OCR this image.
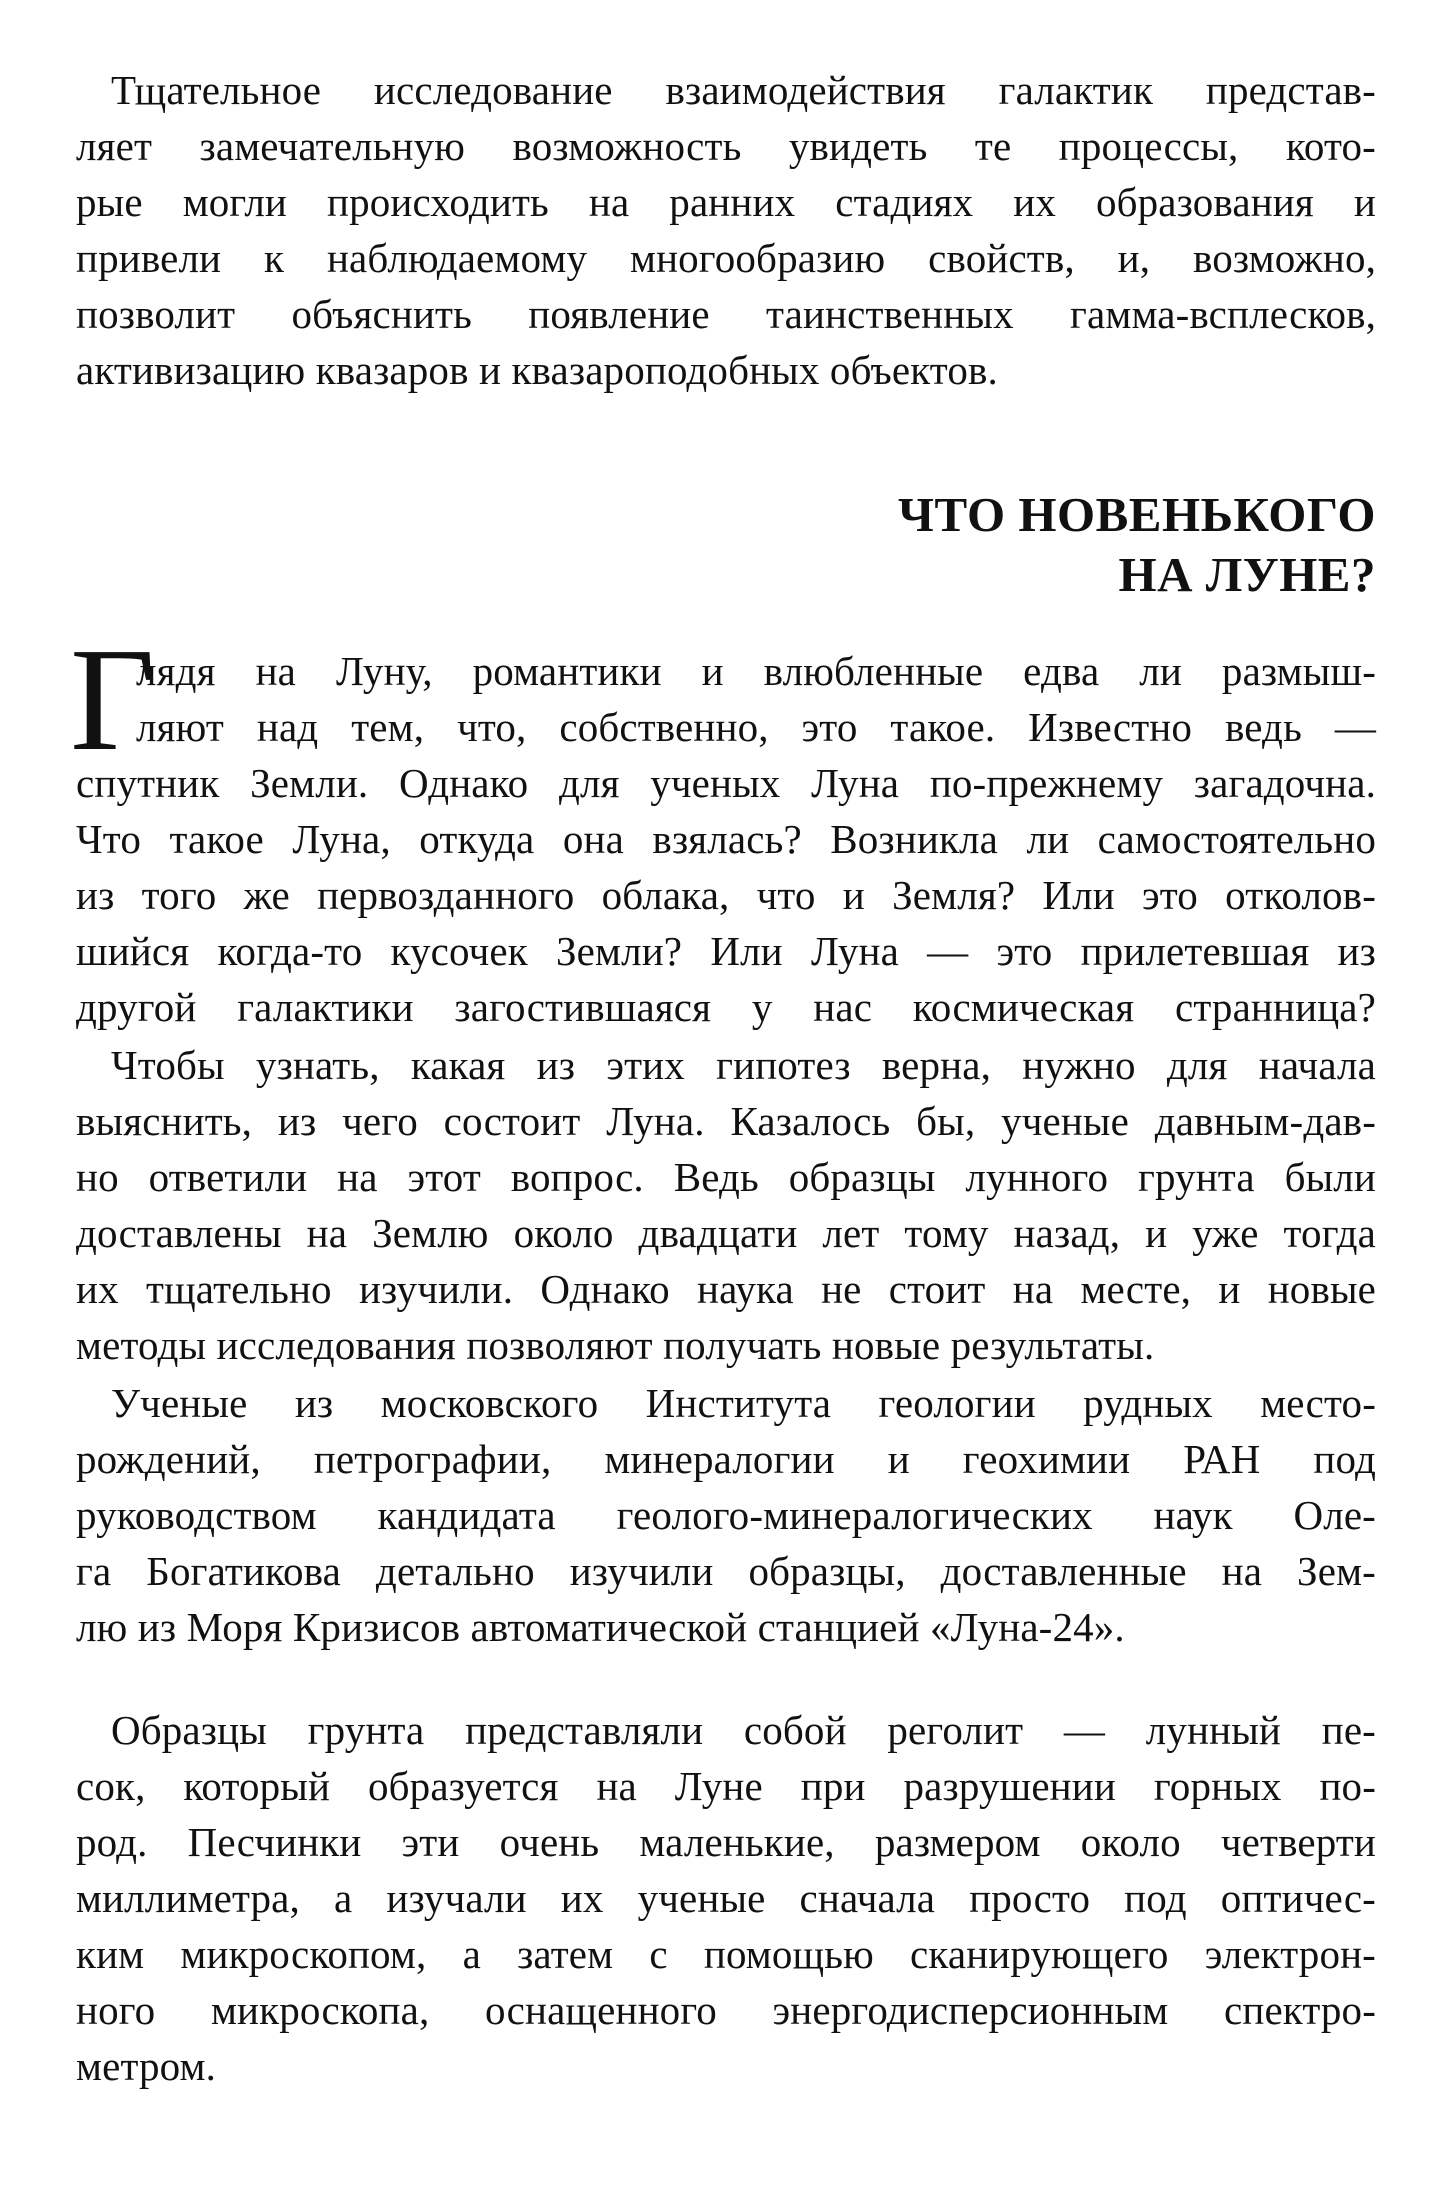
Тщательное исследование взаимодействия галактик представ-
ляет замечательную возможность увидеть те процессы, кото-
рые могли происходить на ранних стадиях их образования и
привели к наблюдаемому многообразию свойств, и, возможно,
позволит объяснить появление таинственных гамма-всплесков,
активизацию квазаров и квазароподобных объектов.
ЧТО НОВЕНЬКОГО
НА ЛУНЕ?
Г
лядя на Луну, романтики и влюбленные едва ли размыш-
ляют над тем, что, собственно, это такое. Известно ведь —
спутник Земли. Однако для ученых Луна по-прежнему загадочна.
Что такое Луна, откуда она взялась? Возникла ли самостоятельно
из того же первозданного облака, что и Земля? Или это отколов-
шийся когда-то кусочек Земли? Или Луна — это прилетевшая из
другой галактики загостившаяся у нас космическая странница?
Чтобы узнать, какая из этих гипотез верна, нужно для начала
выяснить, из чего состоит Луна. Казалось бы, ученые давным-дав-
но ответили на этот вопрос. Ведь образцы лунного грунта были
доставлены на Землю около двадцати лет тому назад, и уже тогда
их тщательно изучили. Однако наука не стоит на месте, и новые
методы исследования позволяют получать новые результаты.
Ученые из московского Института геологии рудных место-
рождений, петрографии, минералогии и геохимии РАН под
руководством кандидата геолого-минералогических наук Оле-
га Богатикова детально изучили образцы, доставленные на Зем-
лю из Моря Кризисов автоматической станцией «Луна-24».
Образцы грунта представляли собой реголит — лунный пе-
сок, который образуется на Луне при разрушении горных по-
род. Песчинки эти очень маленькие, размером около четверти
миллиметра, а изучали их ученые сначала просто под оптичес-
ким микроскопом, а затем с помощью сканирующего электрон-
ного микроскопа, оснащенного энергодисперсионным спектро-
метром.
